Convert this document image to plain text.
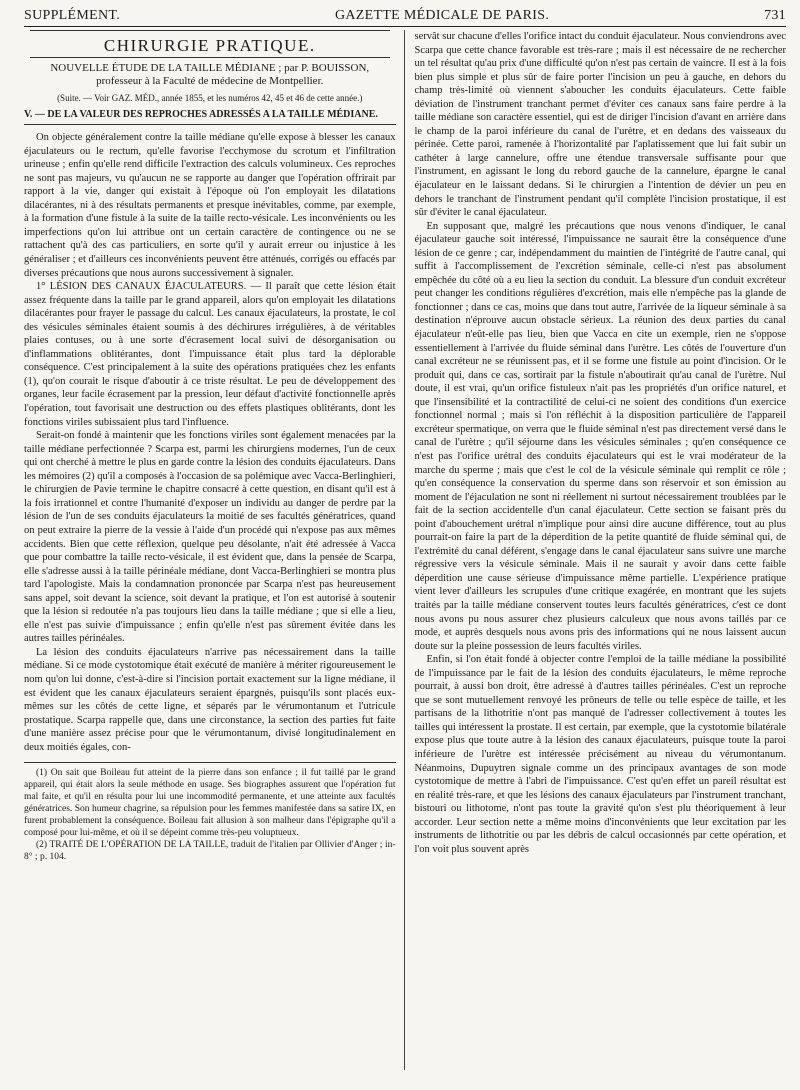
SUPPLÉMENT.	GAZETTE MÉDICALE DE PARIS.	731
CHIRURGIE PRATIQUE.
NOUVELLE ÉTUDE DE LA TAILLE MÉDIANE ; par P. BOUISSON,
professeur à la Faculté de médecine de Montpellier.
(Suite. — Voir GAZ. MÉD., année 1855, et les numéros 42, 45 et 46 de cette année.)
V. — DE LA VALEUR DES REPROCHES ADRESSÉS A LA TAILLE MÉDIANE.

On objecte généralement contre la taille médiane qu'elle expose à blesser les canaux éjaculateurs ou le rectum, qu'elle favorise l'ecchymose du scrotum et l'infiltration urineuse ; enfin qu'elle rend difficile l'extraction des calculs volumineux. Ces reproches ne sont pas majeurs, vu qu'aucun ne se rapporte au danger que l'opération offrirait par rapport à la vie, danger qui existait à l'époque où l'on employait les dilatations dilacérantes, ni à des résultats permanents et presque inévitables, comme, par exemple, à la formation d'une fistule à la suite de la taille recto-vésicale. Les inconvénients ou les imperfections qu'on lui attribue ont un certain caractère de contingence ou ne se rattachent qu'à des cas particuliers, en sorte qu'il y aurait erreur ou injustice à les généraliser ; et d'ailleurs ces inconvénients peuvent être atténués, corrigés ou effacés par diverses précautions que nous aurons successivement à signaler.

1° LÉSION DES CANAUX ÉJACULATEURS. — Il paraît que cette lésion était assez fréquente dans la taille par le grand appareil, alors qu'on employait les dilatations dilacérantes pour frayer le passage du calcul. Les canaux éjaculateurs, la prostate, le col des vésicules séminales étaient soumis à des déchirures irrégulières, à de véritables plaies contuses, ou à une sorte d'écrasement local suivi de désorganisation ou d'inflammations oblitérantes, dont l'impuissance était plus tard la déplorable conséquence. C'est principalement à la suite des opérations pratiquées chez les enfants (1), qu'on courait le risque d'aboutir à ce triste résultat. Le peu de développement des organes, leur facile écrasement par la pression, leur défaut d'activité fonctionnelle après l'opération, tout favorisait une destruction ou des effets plastiques oblitérants, dont les fonctions viriles subissaient plus tard l'influence.

Serait-on fondé à maintenir que les fonctions viriles sont également menacées par la taille médiane perfectionnée ? Scarpa est, parmi les chirurgiens modernes, l'un de ceux qui ont cherché à mettre le plus en garde contre la lésion des conduits éjaculateurs. Dans les mémoires (2) qu'il a composés à l'occasion de sa polémique avec Vacca-Berlinghieri, le chirurgien de Pavie termine le chapitre consacré à cette question, en disant qu'il est à la fois irrationnel et contre l'humanité d'exposer un individu au danger de perdre par la lésion de l'un de ses conduits éjaculateurs la moitié de ses facultés génératrices, quand on peut extraire la pierre de la vessie à l'aide d'un procédé qui n'expose pas aux mêmes accidents. Bien que cette réflexion, quelque peu désolante, n'ait été adressée à Vacca que pour combattre la taille recto-vésicale, il est évident que, dans la pensée de Scarpa, elle s'adresse aussi à la taille périnéale médiane, dont Vacca-Berlinghieri se montra plus tard l'apologiste. Mais la condamnation prononcée par Scarpa n'est pas heureusement sans appel, soit devant la science, soit devant la pratique, et l'on est autorisé à soutenir que la lésion si redoutée n'a pas toujours lieu dans la taille médiane ; que si elle a lieu, elle n'est pas suivie d'impuissance ; enfin qu'elle n'est pas sûrement évitée dans les autres tailles périnéales.

La lésion des conduits éjaculateurs n'arrive pas nécessairement dans la taille médiane. Si ce mode cystotomique était exécuté de manière à mériter rigoureusement le nom qu'on lui donne, c'est-à-dire si l'incision portait exactement sur la ligne médiane, il est évident que les canaux éjaculateurs seraient épargnés, puisqu'ils sont placés eux-mêmes sur les côtés de cette ligne, et séparés par le vérumontanum et l'utricule prostatique. Scarpa rappelle que, dans une circonstance, la section des parties fut faite d'une manière assez précise pour que le vérumontanum, divisé longitudinalement en deux moitiés égales, con-

(1) On sait que Boileau fut atteint de la pierre dans son enfance ; il fut taillé par le grand appareil, qui était alors la seule méthode en usage. Ses biographes assurent que l'opération fut mal faite, et qu'il en résulta pour lui une incommodité permanente, et une atteinte aux facultés génératrices. Son humeur chagrine, sa répulsion pour les femmes manifestée dans sa satire IX, en furent probablement la conséquence. Boileau fait allusion à son malheur dans l'épigraphe qu'il a composé pour lui-même, et où il se dépeint comme très-peu voluptueux.

(2) TRAITÉ DE L'OPÉRATION DE LA TAILLE, traduit de l'italien par Ollivier d'Anger ; in-8° ; p. 104.

servât sur chacune d'elles l'orifice intact du conduit éjaculateur. Nous conviendrons avec Scarpa que cette chance favorable est très-rare ; mais il est nécessaire de ne rechercher un tel résultat qu'au prix d'une difficulté qu'on n'est pas certain de vaincre. Il est à la fois bien plus simple et plus sûr de faire porter l'incision un peu à gauche, en dehors du champ très-limité où viennent s'aboucher les conduits éjaculateurs. Cette faible déviation de l'instrument tranchant permet d'éviter ces canaux sans faire perdre à la taille médiane son caractère essentiel, qui est de diriger l'incision d'avant en arrière dans le champ de la paroi inférieure du canal de l'urètre, et en dedans des vaisseaux du périnée. Cette paroi, ramenée à l'horizontalité par l'aplatissement que lui fait subir un cathéter à large cannelure, offre une étendue transversale suffisante pour que l'instrument, en agissant le long du rebord gauche de la cannelure, épargne le canal éjaculateur en le laissant dedans. Si le chirurgien a l'intention de dévier un peu en dehors le tranchant de l'instrument pendant qu'il complète l'incision prostatique, il est sûr d'éviter le canal éjaculateur.

En supposant que, malgré les précautions que nous venons d'indiquer, le canal éjaculateur gauche soit intéressé, l'impuissance ne saurait être la conséquence d'une lésion de ce genre ; car, indépendamment du maintien de l'intégrité de l'autre canal, qui suffit à l'accomplissement de l'excrétion séminale, celle-ci n'est pas absolument empêchée du côté où a eu lieu la section du conduit. La blessure d'un conduit excréteur peut changer les conditions régulières d'excrétion, mais elle n'empêche pas la glande de fonctionner ; dans ce cas, moins que dans tout autre, l'arrivée de la liqueur séminale à sa destination n'éprouve aucun obstacle sérieux. La réunion des deux parties du canal éjaculateur n'eût-elle pas lieu, bien que Vacca en cite un exemple, rien ne s'oppose essentiellement à l'arrivée du fluide séminal dans l'urètre. Les côtés de l'ouverture d'un canal excréteur ne se réunissent pas, et il se forme une fistule au point d'incision. Or le produit qui, dans ce cas, sortirait par la fistule n'aboutirait qu'au canal de l'urètre. Nul doute, il est vrai, qu'un orifice fistuleux n'ait pas les propriétés d'un orifice naturel, et que l'insensibilité et la contractilité de celui-ci ne soient des conditions d'un exercice fonctionnel normal ; mais si l'on réfléchit à la disposition particulière de l'appareil excréteur spermatique, on verra que le fluide séminal n'est pas directement versé dans le canal de l'urètre ; qu'il séjourne dans les vésicules séminales ; qu'en conséquence ce n'est pas l'orifice urétral des conduits éjaculateurs qui est le vrai modérateur de la marche du sperme ; mais que c'est le col de la vésicule séminale qui remplit ce rôle ; qu'en conséquence la conservation du sperme dans son réservoir et son émission au moment de l'éjaculation ne sont ni réellement ni surtout nécessairement troublées par le fait de la section accidentelle d'un canal éjaculateur. Cette section se faisant près du point d'abouchement urétral n'implique pour ainsi dire aucune différence, tout au plus pourrait-on faire la part de la déperdition de la petite quantité de fluide séminal qui, de l'extrémité du canal déférent, s'engage dans le canal éjaculateur sans suivre une marche régressive vers la vésicule séminale. Mais il ne saurait y avoir dans cette faible déperdition une cause sérieuse d'impuissance même partielle. L'expérience pratique vient lever d'ailleurs les scrupules d'une critique exagérée, en montrant que les sujets traités par la taille médiane conservent toutes leurs facultés génératrices, c'est ce dont nous avons pu nous assurer chez plusieurs calculeux que nous avons taillés par ce mode, et auprès desquels nous avons pris des informations qui ne nous laissent aucun doute sur la pleine possession de leurs facultés viriles.

Enfin, si l'on était fondé à objecter contre l'emploi de la taille médiane la possibilité de l'impuissance par le fait de la lésion des conduits éjaculateurs, le même reproche pourrait, à aussi bon droit, être adressé à d'autres tailles périnéales. C'est un reproche que se sont mutuellement renvoyé les prôneurs de telle ou telle espèce de taille, et les partisans de la lithotritie n'ont pas manqué de l'adresser collectivement à toutes les tailles qui intéressent la prostate. Il est certain, par exemple, que la cystotomie bilatérale expose plus que toute autre à la lésion des canaux éjaculateurs, puisque toute la paroi inférieure de l'urètre est intéressée précisément au niveau du vérumontanum. Néanmoins, Dupuytren signale comme un des principaux avantages de son mode cystotomique de mettre à l'abri de l'impuissance. C'est qu'en effet un pareil résultat est en réalité très-rare, et que les lésions des canaux éjaculateurs par l'instrument tranchant, bistouri ou lithotome, n'ont pas toute la gravité qu'on s'est plu théoriquement à leur accorder. Leur section nette a même moins d'inconvénients que leur excitation par les instruments de lithotritie ou par les débris de calcul occasionnés par cette opération, et l'on voit plus souvent après
